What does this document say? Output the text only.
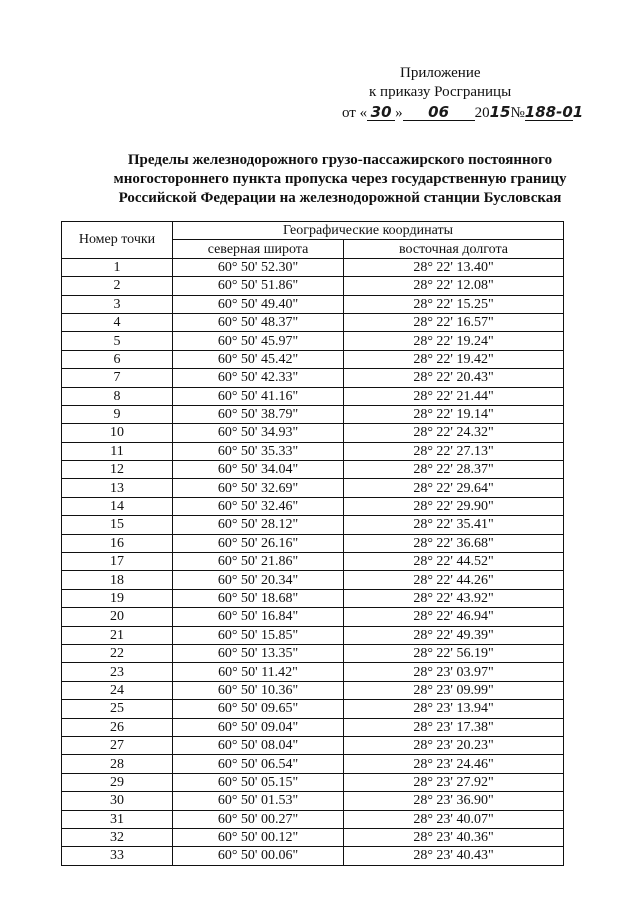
Приложение
к приказу Росграницы
от « 30 » 06 2015№188-01
Пределы железнодорожного грузо-пассажирского постоянного
многостороннего пункта пропуска через государственную границу
Российской Федерации на железнодорожной станции Бусловская
Номер точки	Географические координаты	
	северная широта	восточная долгота
1	60° 50' 52.30"	28° 22' 13.40"
2	60° 50' 51.86"	28° 22' 12.08"
3	60° 50' 49.40"	28° 22' 15.25"
4	60° 50' 48.37"	28° 22' 16.57"
5	60° 50' 45.97"	28° 22' 19.24"
6	60° 50' 45.42"	28° 22' 19.42"
7	60° 50' 42.33"	28° 22' 20.43"
8	60° 50' 41.16"	28° 22' 21.44"
9	60° 50' 38.79"	28° 22' 19.14"
10	60° 50' 34.93"	28° 22' 24.32"
11	60° 50' 35.33"	28° 22' 27.13"
12	60° 50' 34.04"	28° 22' 28.37"
13	60° 50' 32.69"	28° 22' 29.64"
14	60° 50' 32.46"	28° 22' 29.90"
15	60° 50' 28.12"	28° 22' 35.41"
16	60° 50' 26.16"	28° 22' 36.68"
17	60° 50' 21.86"	28° 22' 44.52"
18	60° 50' 20.34"	28° 22' 44.26"
19	60° 50' 18.68"	28° 22' 43.92"
20	60° 50' 16.84"	28° 22' 46.94"
21	60° 50' 15.85"	28° 22' 49.39"
22	60° 50' 13.35"	28° 22' 56.19"
23	60° 50' 11.42"	28° 23' 03.97"
24	60° 50' 10.36"	28° 23' 09.99"
25	60° 50' 09.65"	28° 23' 13.94"
26	60° 50' 09.04"	28° 23' 17.38"
27	60° 50' 08.04"	28° 23' 20.23"
28	60° 50' 06.54"	28° 23' 24.46"
29	60° 50' 05.15"	28° 23' 27.92"
30	60° 50' 01.53"	28° 23' 36.90"
31	60° 50' 00.27"	28° 23' 40.07"
32	60° 50' 00.12"	28° 23' 40.36"
33	60° 50' 00.06"	28° 23' 40.43"
